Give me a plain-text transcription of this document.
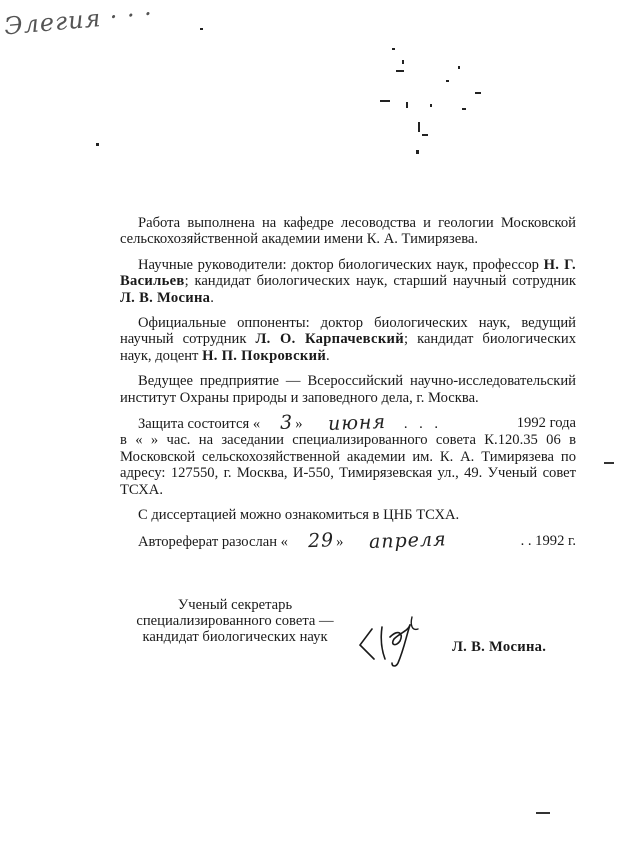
Элегия · · ·

Работа выполнена на кафедре лесоводства и геологии Московской сельскохозяйственной академии имени К. А. Тимирязева.

Научные руководители: доктор биологических наук, профессор Н. Г. Васильев; кандидат биологических наук, старший научный сотрудник Л. В. Мосина.

Официальные оппоненты: доктор биологических наук, ведущий научный сотрудник Л. О. Карпачевский; кандидат биологических наук, доцент Н. П. Покровский.

Ведущее предприятие — Всероссийский научно-исследовательский институт Охраны природы и заповедного дела, г. Москва.

Защита состоится « 3 » июня . . .	1992 года

в « » час. на заседании специализированного совета К.120.35 06 в Московской сельскохозяйственной академии им. К. А. Тимирязева по адресу: 127550, г. Москва, И-550, Тимирязевская ул., 49. Ученый совет ТСХА.

С диссертацией можно ознакомиться в ЦНБ ТСХА.

Автореферат разослан « 29 » апреля	. . 1992 г.

Ученый секретарь
специализированного совета —
кандидат биологических наук
Л. В. Мосина.
